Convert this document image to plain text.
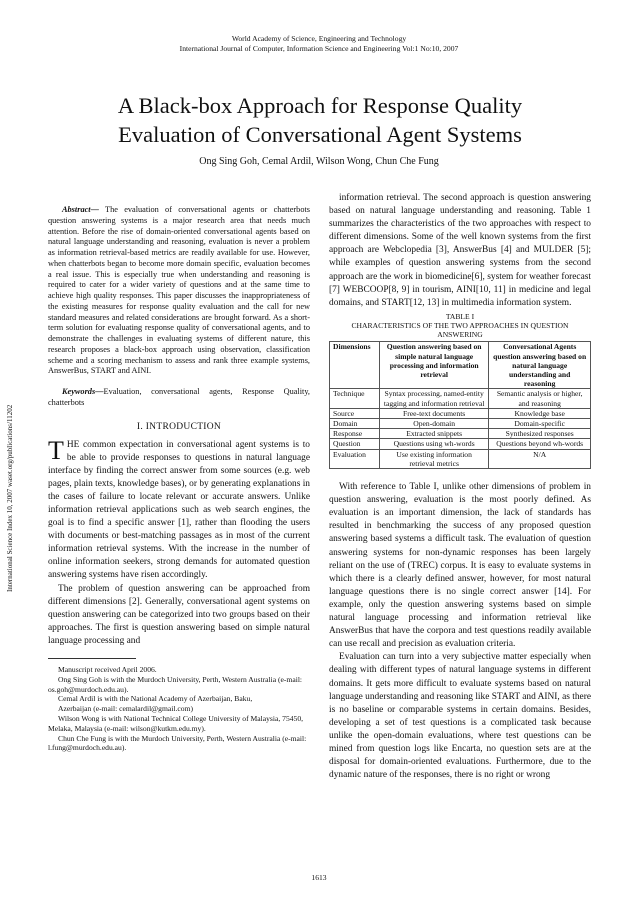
World Academy of Science, Engineering and Technology
International Journal of Computer, Information Science and Engineering Vol:1 No:10, 2007
International Science Index 10, 2007 waset.org/publications/11202
A Black-box Approach for Response Quality
Evaluation of Conversational Agent Systems
Ong Sing Goh, Cemal Ardil, Wilson Wong, Chun Che Fung

Abstract— The evaluation of conversational agents or chatterbots question answering systems is a major research area that needs much attention. Before the rise of domain-oriented conversational agents based on natural language understanding and reasoning, evaluation is never a problem as information retrieval-based metrics are readily available for use. However, when chatterbots began to become more domain specific, evaluation becomes a real issue. This is especially true when understanding and reasoning is required to cater for a wider variety of questions and at the same time to achieve high quality responses. This paper discusses the inappropriateness of the existing measures for response quality evaluation and the call for new standard measures and related considerations are brought forward. As a short-term solution for evaluating response quality of conversational agents, and to demonstrate the challenges in evaluating systems of different nature, this research proposes a black-box approach using observation, classification scheme and a scoring mechanism to assess and rank three example systems, AnswerBus, START and AINI.

Keywords—Evaluation, conversational agents, Response Quality, chatterbots

I. INTRODUCTION

THE common expectation in conversational agent systems is to be able to provide responses to questions in natural language interface by finding the correct answer from some sources (e.g. web pages, plain texts, knowledge bases), or by generating explanations in the cases of failure to locate relevant or accurate answers. Unlike information retrieval applications such as web search engines, the goal is to find a specific answer [1], rather than flooding the users with documents or best-matching passages as in most of the current information retrieval systems. With the increase in the number of online information seekers, strong demands for automated question answering systems have risen accordingly.

The problem of question answering can be approached from different dimensions [2]. Generally, conversational agent systems on question answering can be categorized into two groups based on their approaches. The first is question answering based on simple natural language processing and

Manuscript received April 2006.

Ong Sing Goh is with the Murdoch University, Perth, Western Australia (e-mail: os.goh@murdoch.edu.au).

Cemal Ardil is with the National Academy of Azerbaijan, Baku,

Azerbaijan (e-mail: cemalardil@gmail.com)

Wilson Wong is with National Technical College University of Malaysia, 75450, Melaka, Malaysia (e-mail: wilson@kutkm.edu.my).

Chun Che Fung is with the Murdoch University, Perth, Western Australia (e-mail: l.fung@murdoch.edu.au).

information retrieval. The second approach is question answering based on natural language understanding and reasoning. Table 1 summarizes the characteristics of the two approaches with respect to different dimensions. Some of the well known systems from the first approach are Webclopedia [3], AnswerBus [4] and MULDER [5]; while examples of question answering systems from the second approach are the work in biomedicine[6], system for weather forecast [7] WEBCOOP[8, 9] in tourism, AINI[10, 11] in medicine and legal domains, and START[12, 13] in multimedia information system.

TABLE I
CHARACTERISTICS OF THE TWO APPROACHES IN QUESTION ANSWERING
Dimensions	Question answering based on simple natural language processing and information retrieval	Conversational Agents question answering based on natural language understanding and reasoning
Technique	Syntax processing, named-entity tagging and information retrieval	Semantic analysis or higher, and reasoning
Source	Free-text documents	Knowledge base
Domain	Open-domain	Domain-specific
Response	Extracted snippets	Synthesized responses
Question	Questions using wh-words	Questions beyond wh-words
Evaluation	Use existing information retrieval metrics	N/A

With reference to Table I, unlike other dimensions of problem in question answering, evaluation is the most poorly defined. As evaluation is an important dimension, the lack of standards has resulted in benchmarking the success of any proposed question answering based systems a difficult task. The evaluation of question answering systems for non-dynamic responses has been largely reliant on the use of (TREC) corpus. It is easy to evaluate systems in which there is a clearly defined answer, however, for most natural language questions there is no single correct answer [14]. For example, only the question answering systems based on simple natural language processing and information retrieval like AnswerBus that have the corpora and test questions readily available can use recall and precision as evaluation criteria.

Evaluation can turn into a very subjective matter especially when dealing with different types of natural language systems in different domains. It gets more difficult to evaluate systems based on natural language understanding and reasoning like START and AINI, as there is no baseline or comparable systems in certain domains. Besides, developing a set of test questions is a complicated task because unlike the open-domain evaluations, where test questions can be mined from question logs like Encarta, no question sets are at the disposal for domain-oriented evaluations. Furthermore, due to the dynamic nature of the responses, there is no right or wrong

1613
